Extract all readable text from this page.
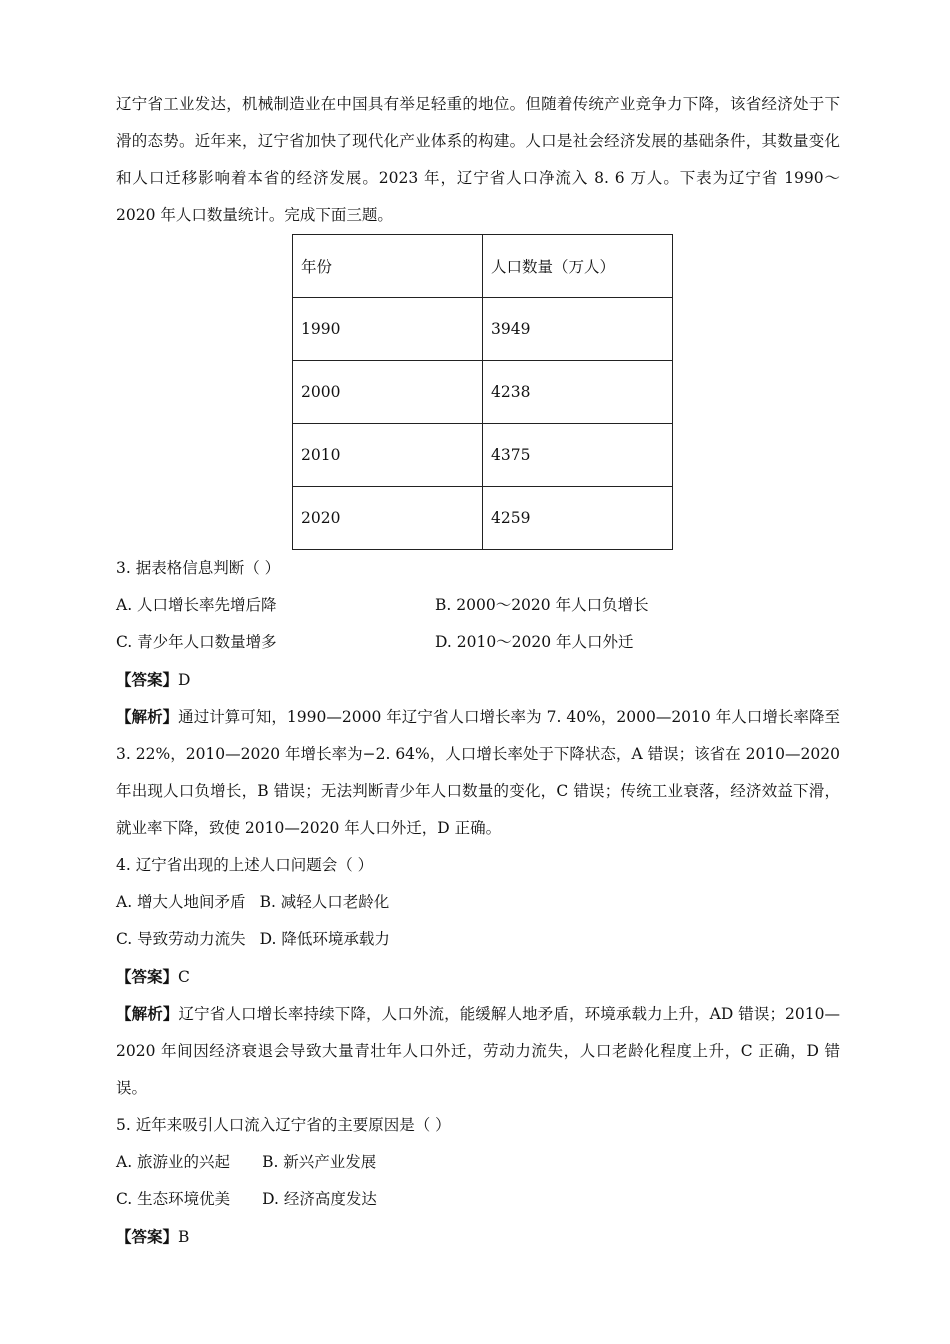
辽宁省工业发达，机械制造业在中国具有举足轻重的地位。但随着传统产业竞争力下降，该省经济处于下滑的态势。近年来，辽宁省加快了现代化产业体系的构建。人口是社会经济发展的基础条件，其数量变化和人口迁移影响着本省的经济发展。2023 年，辽宁省人口净流入 8. 6 万人。下表为辽宁省 1990～2020 年人口数量统计。完成下面三题。

年份	人口数量（万人）
1990	3949
2000	4238
2010	4375
2020	4259
3. 据表格信息判断（ ）
A. 人口增长率先增后降	B. 2000～2020 年人口负增长
C. 青少年人口数量增多	D. 2010～2020 年人口外迁
【答案】D

【解析】通过计算可知，1990—2000 年辽宁省人口增长率为 7. 40%，2000—2010 年人口增长率降至 3. 22%，2010—2020 年增长率为−2. 64%，人口增长率处于下降状态，A 错误；该省在 2010—2020 年出现人口负增长，B 错误；无法判断青少年人口数量的变化，C 错误；传统工业衰落，经济效益下滑，就业率下降，致使 2010—2020 年人口外迁，D 正确。

4. 辽宁省出现的上述人口问题会（ ）
A. 增大人地间矛盾 B. 减轻人口老龄化
C. 导致劳动力流失 D. 降低环境承载力
【答案】C

【解析】辽宁省人口增长率持续下降，人口外流，能缓解人地矛盾，环境承载力上升，AD 错误；2010—2020 年间因经济衰退会导致大量青壮年人口外迁，劳动力流失，人口老龄化程度上升，C 正确，D 错误。

5. 近年来吸引人口流入辽宁省的主要原因是（ ）
A. 旅游业的兴起 B. 新兴产业发展
C. 生态环境优美 D. 经济高度发达
【答案】B
